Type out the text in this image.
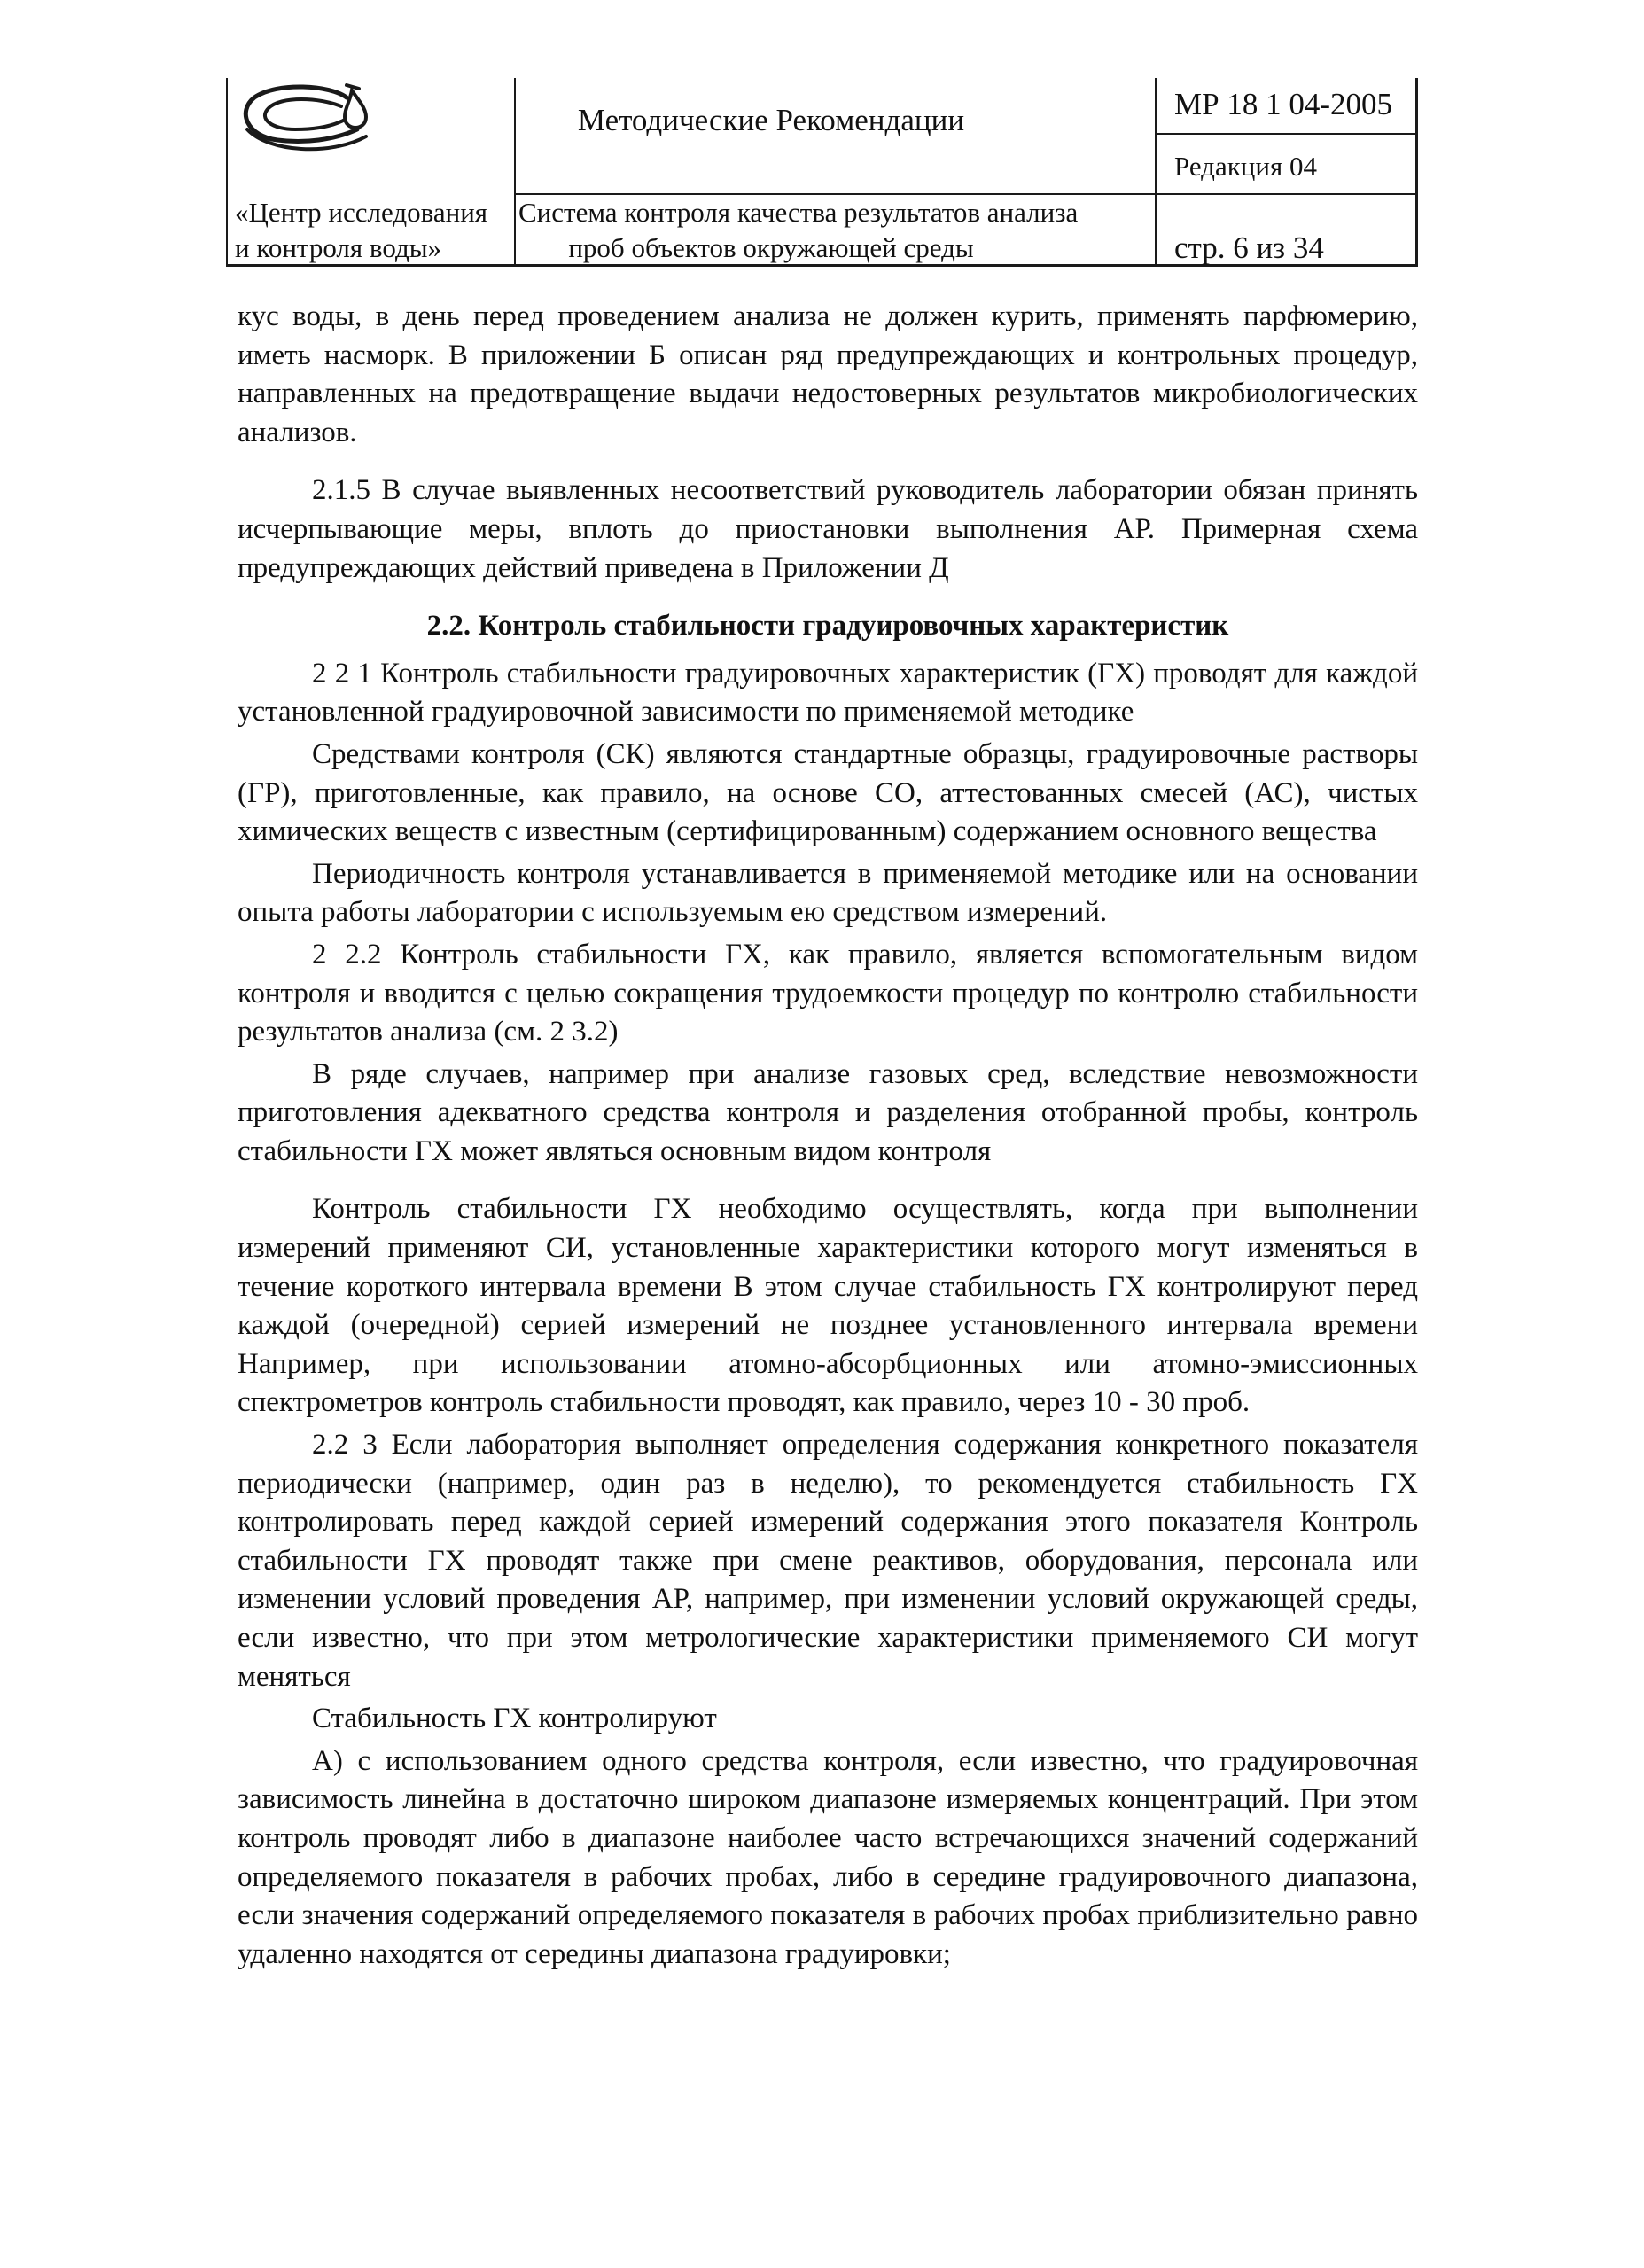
«Центр исследования
и контроля воды»
Методические Рекомендации
Система контроля качества результатов анализа
проб объектов окружающей среды
МР 18 1 04-2005
Редакция 04
стр. 6 из 34

кус воды, в день перед проведением анализа не должен курить, применять парфюмерию, иметь насморк. В приложении Б описан ряд предупреждающих и контрольных процедур, направленных на предотвращение выдачи недостоверных результатов микробиологических анализов.

2.1.5 В случае выявленных несоответствий руководитель лаборатории обязан принять исчерпывающие меры, вплоть до приостановки выполнения АР. Примерная схема предупреждающих действий приведена в Приложении Д

2.2. Контроль стабильности градуировочных характеристик

2 2 1 Контроль стабильности градуировочных характеристик (ГХ) проводят для каждой установленной градуировочной зависимости по применяемой методике

Средствами контроля (СК) являются стандартные образцы, градуировочные растворы (ГР), приготовленные, как правило, на основе СО, аттестованных смесей (АС), чистых химических веществ с известным (сертифицированным) содержанием основного вещества

Периодичность контроля устанавливается в применяемой методике или на основании опыта работы лаборатории с используемым ею средством измерений.

2 2.2 Контроль стабильности ГХ, как правило, является вспомогательным видом контроля и вводится с целью сокращения трудоемкости процедур по контролю стабильности результатов анализа (см. 2 3.2)

В ряде случаев, например при анализе газовых сред, вследствие невозможности приготовления адекватного средства контроля и разделения отобранной пробы, контроль стабильности ГХ может являться основным видом контроля

Контроль стабильности ГХ необходимо осуществлять, когда при выполнении измерений применяют СИ, установленные характеристики которого могут изменяться в течение короткого интервала времени В этом случае стабильность ГХ контролируют перед каждой (очередной) серией измерений не позднее установленного интервала времени Например, при использовании атомно-абсорбционных или атомно-эмиссионных спектрометров контроль стабильности проводят, как правило, через 10 - 30 проб.

2.2 3 Если лаборатория выполняет определения содержания конкретного показателя периодически (например, один раз в неделю), то рекомендуется стабильность ГХ контролировать перед каждой серией измерений содержания этого показателя Контроль стабильности ГХ проводят также при смене реактивов, оборудования, персонала или изменении условий проведения АР, например, при изменении условий окружающей среды, если известно, что при этом метрологические характеристики применяемого СИ могут меняться

Стабильность ГХ контролируют

А) с использованием одного средства контроля, если известно, что градуировочная зависимость линейна в достаточно широком диапазоне измеряемых концентраций. При этом контроль проводят либо в диапазоне наиболее часто встречающихся значений содержаний определяемого показателя в рабочих пробах, либо в середине градуировочного диапазона, если значения содержаний определяемого показателя в рабочих пробах приблизительно равно удаленно находятся от середины диапазона градуировки;
